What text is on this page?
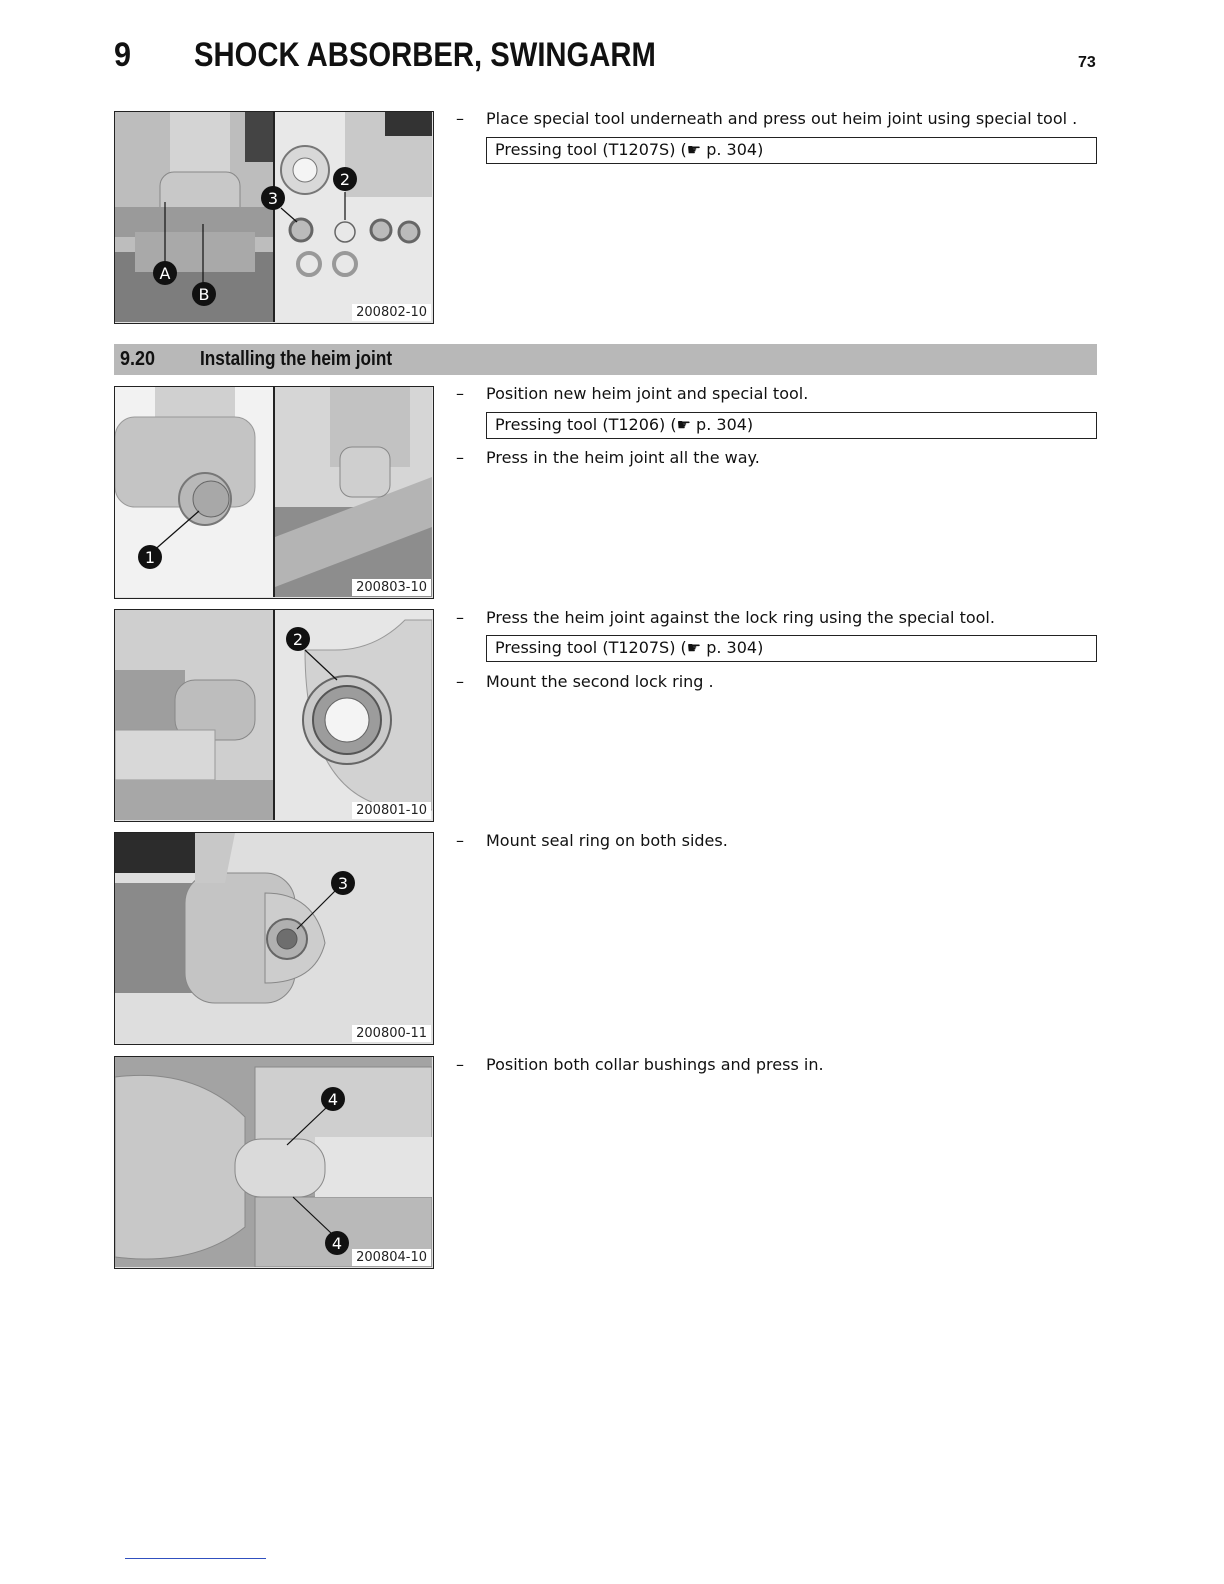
9 SHOCK ABSORBER, SWINGARM	73
A
B
3
2
200802-10
– Place special tool underneath and press out heim joint using special tool .
Pressing tool (T1207S) (☛ p. 304)
9.20 Installing the heim joint
1
200803-10
– Position new heim joint and special tool.
Pressing tool (T1206) (☛ p. 304)
– Press in the heim joint all the way.
2
200801-10
– Press the heim joint against the lock ring using the special tool.
Pressing tool (T1207S) (☛ p. 304)
– Mount the second lock ring .
3
200800-11
– Mount seal ring on both sides.
4
4
200804-10
– Position both collar bushings and press in.
